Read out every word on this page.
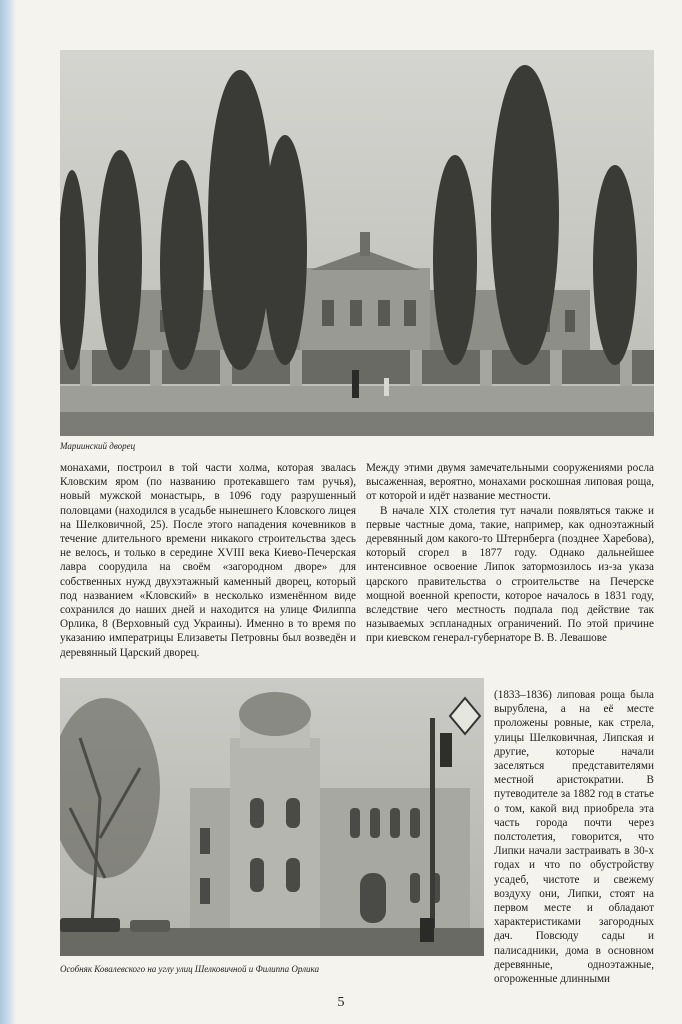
Мариинский дворец

монахами, построил в той части холма, которая звалась Кловским яром (по названию протекавшего там ручья), новый мужской монастырь, в 1096 году разрушенный половцами (находился в усадьбе нынешнего Кловского лицея на Шелковичной, 25). После этого нападения кочевников в течение длительного времени никакого строительства здесь не велось, и только в середине XVIII века Киево-Печерская лавра соорудила на своём «загородном дворе» для собственных нужд двухэтажный каменный дворец, который под названием «Кловский» в несколько изменённом виде сохранился до наших дней и находится на улице Филиппа Орлика, 8 (Верховный суд Украины). Именно в то время по указанию императрицы Елизаветы Петровны был возведён и деревянный Царский дворец.

Между этими двумя замечательными сооружениями росла высаженная, вероятно, монахами роскошная липовая роща, от которой и идёт название местности.

В начале XIX столетия тут начали появляться также и первые частные дома, такие, например, как одноэтажный деревянный дом какого-то Штернберга (позднее Харебова), который сгорел в 1877 году. Однако дальнейшее интенсивное освоение Липок затормозилось из-за указа царского правительства о строительстве на Печерске мощной военной крепости, которое началось в 1831 году, вследствие чего местность подпала под действие так называемых эспланадных ограничений. По этой причине при киевском генерал-губернаторе В. В. Левашове

Особняк Ковалевского на углу улиц Шелковичной и Филиппа Орлика

(1833–1836) липовая роща была вырублена, а на её месте проложены ровные, как стрела, улицы Шелковичная, Липская и другие, которые начали заселяться представителями местной аристократии. В путеводителе за 1882 год в статье о том, какой вид приобрела эта часть города почти через полстолетия, говорится, что Липки начали застраивать в 30-х годах и что по обустройству усадеб, чистоте и свежему воздуху они, Липки, стоят на первом месте и обладают характеристиками загородных дач. Повсюду сады и палисадники, дома в основном деревянные, одноэтажные, огороженные длинными

5
